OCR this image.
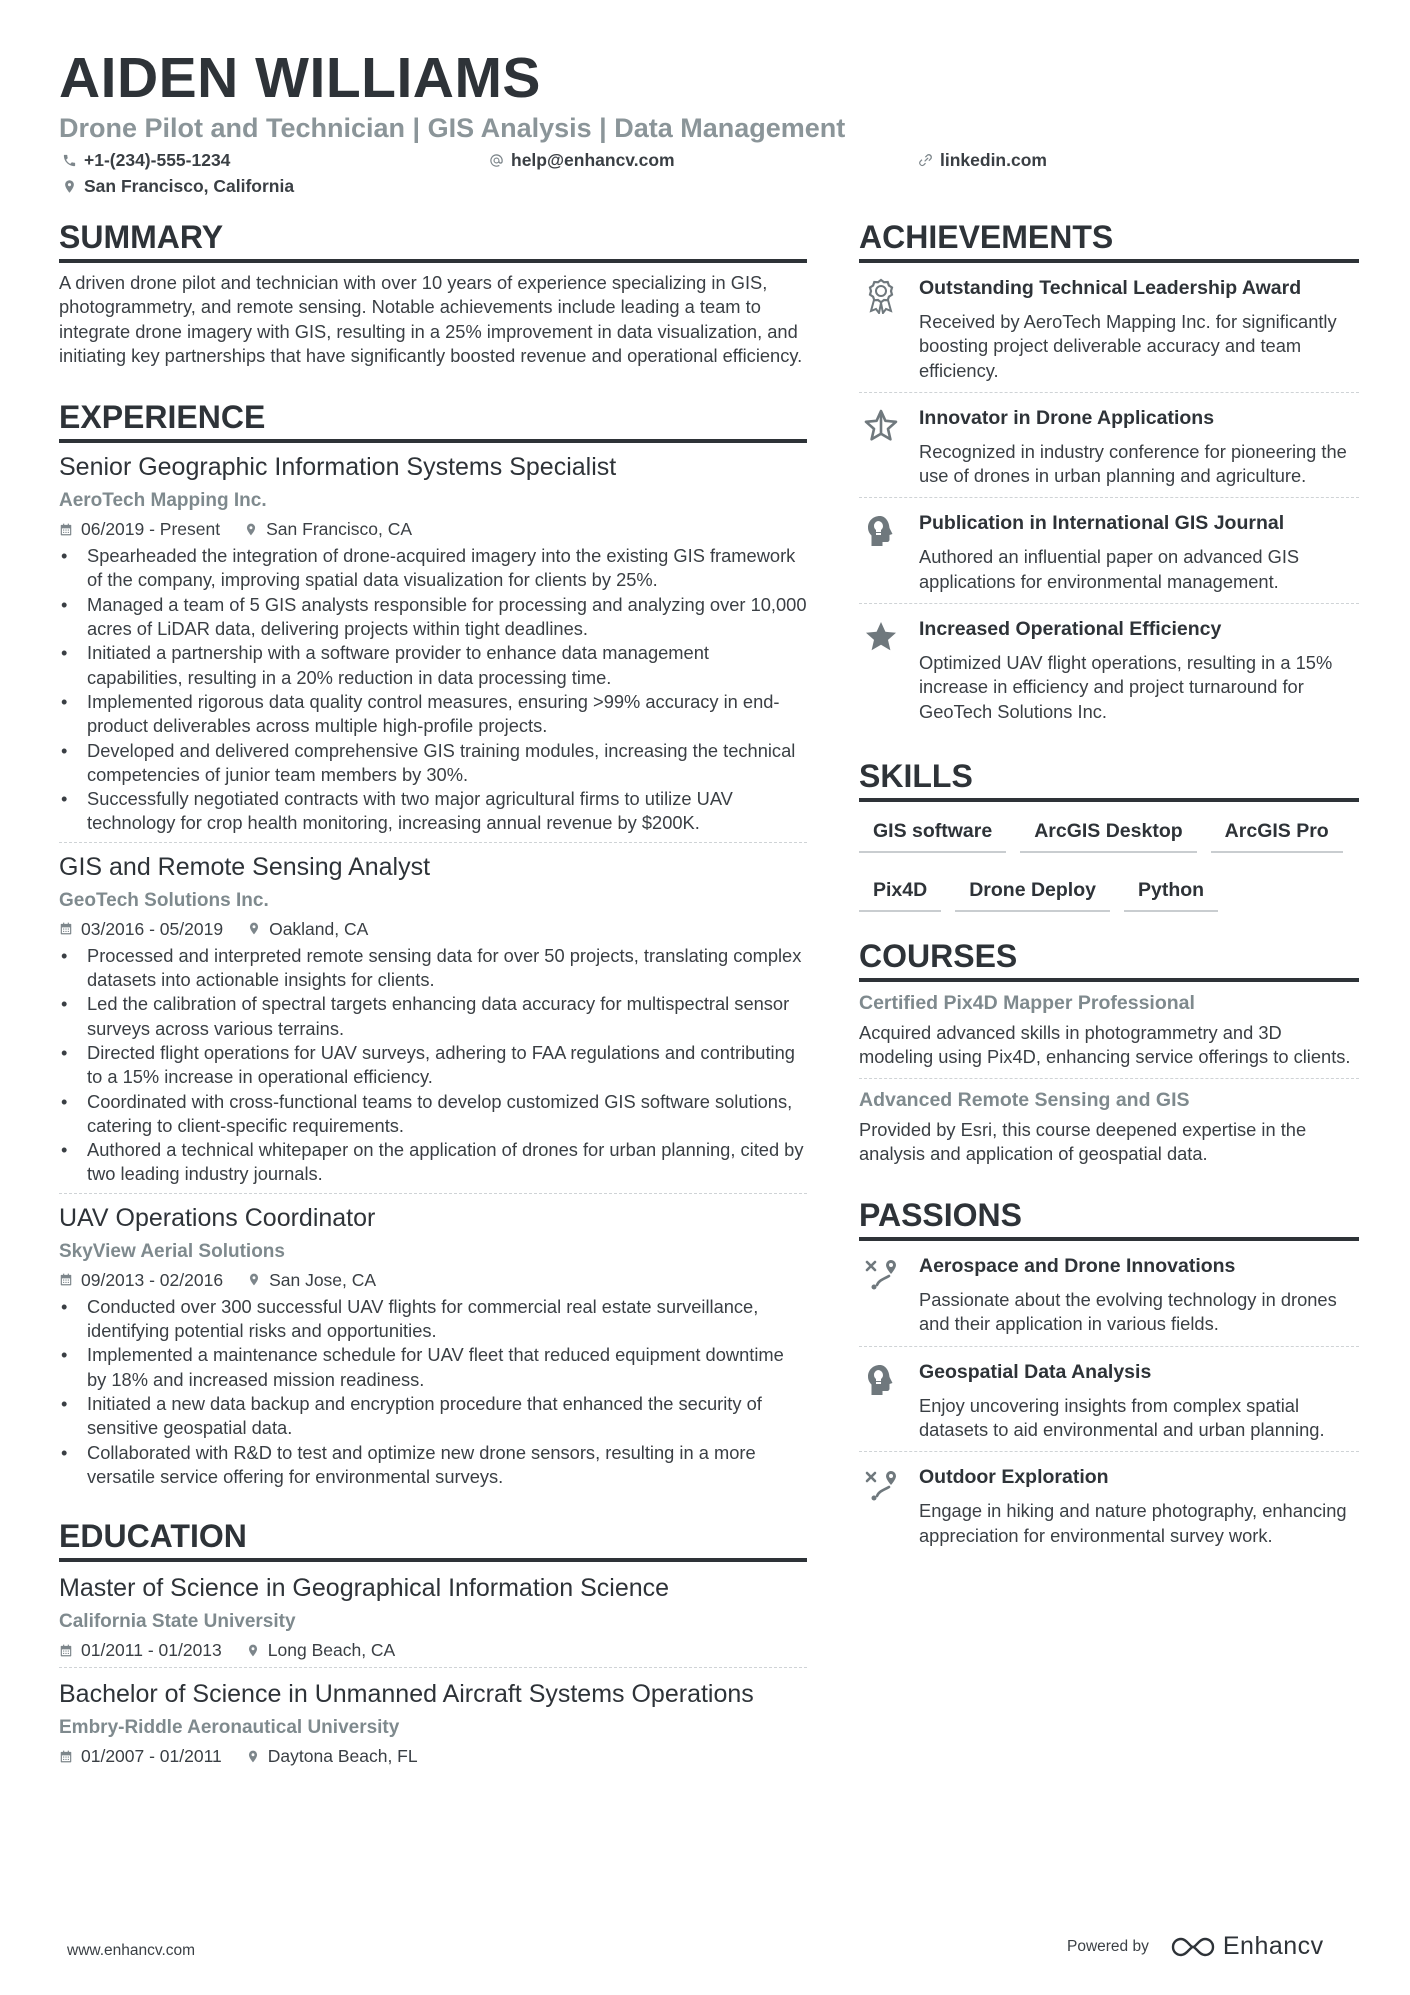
AIDEN WILLIAMS
Drone Pilot and Technician | GIS Analysis | Data Management
+1-(234)-555-1234	help@enhancv.com	linkedin.com
San Francisco, California
SUMMARY
A driven drone pilot and technician with over 10 years of experience specializing in GIS, photogrammetry, and remote sensing. Notable achievements include leading a team to integrate drone imagery with GIS, resulting in a 25% improvement in data visualization, and initiating key partnerships that have significantly boosted revenue and operational efficiency.
EXPERIENCE
Senior Geographic Information Systems Specialist
AeroTech Mapping Inc.
06/2019 - Present	San Francisco, CA
• Spearheaded the integration of drone-acquired imagery into the existing GIS framework of the company, improving spatial data visualization for clients by 25%.
• Managed a team of 5 GIS analysts responsible for processing and analyzing over 10,000 acres of LiDAR data, delivering projects within tight deadlines.
• Initiated a partnership with a software provider to enhance data management capabilities, resulting in a 20% reduction in data processing time.
• Implemented rigorous data quality control measures, ensuring >99% accuracy in end-product deliverables across multiple high-profile projects.
• Developed and delivered comprehensive GIS training modules, increasing the technical competencies of junior team members by 30%.
• Successfully negotiated contracts with two major agricultural firms to utilize UAV technology for crop health monitoring, increasing annual revenue by $200K.
GIS and Remote Sensing Analyst
GeoTech Solutions Inc.
03/2016 - 05/2019	Oakland, CA
• Processed and interpreted remote sensing data for over 50 projects, translating complex datasets into actionable insights for clients.
• Led the calibration of spectral targets enhancing data accuracy for multispectral sensor surveys across various terrains.
• Directed flight operations for UAV surveys, adhering to FAA regulations and contributing to a 15% increase in operational efficiency.
• Coordinated with cross-functional teams to develop customized GIS software solutions, catering to client-specific requirements.
• Authored a technical whitepaper on the application of drones for urban planning, cited by two leading industry journals.
UAV Operations Coordinator
SkyView Aerial Solutions
09/2013 - 02/2016	San Jose, CA
• Conducted over 300 successful UAV flights for commercial real estate surveillance, identifying potential risks and opportunities.
• Implemented a maintenance schedule for UAV fleet that reduced equipment downtime by 18% and increased mission readiness.
• Initiated a new data backup and encryption procedure that enhanced the security of sensitive geospatial data.
• Collaborated with R&D to test and optimize new drone sensors, resulting in a more versatile service offering for environmental surveys.
EDUCATION
Master of Science in Geographical Information Science
California State University
01/2011 - 01/2013	Long Beach, CA
Bachelor of Science in Unmanned Aircraft Systems Operations
Embry-Riddle Aeronautical University
01/2007 - 01/2011	Daytona Beach, FL
ACHIEVEMENTS
Outstanding Technical Leadership Award
Received by AeroTech Mapping Inc. for significantly boosting project deliverable accuracy and team efficiency.
Innovator in Drone Applications
Recognized in industry conference for pioneering the use of drones in urban planning and agriculture.
Publication in International GIS Journal
Authored an influential paper on advanced GIS applications for environmental management.
Increased Operational Efficiency
Optimized UAV flight operations, resulting in a 15% increase in efficiency and project turnaround for GeoTech Solutions Inc.
SKILLS
GIS software	ArcGIS Desktop	ArcGIS Pro
Pix4D	Drone Deploy	Python
COURSES
Certified Pix4D Mapper Professional
Acquired advanced skills in photogrammetry and 3D modeling using Pix4D, enhancing service offerings to clients.
Advanced Remote Sensing and GIS
Provided by Esri, this course deepened expertise in the analysis and application of geospatial data.
PASSIONS
Aerospace and Drone Innovations
Passionate about the evolving technology in drones and their application in various fields.
Geospatial Data Analysis
Enjoy uncovering insights from complex spatial datasets to aid environmental and urban planning.
Outdoor Exploration
Engage in hiking and nature photography, enhancing appreciation for environmental survey work.
www.enhancv.com	Powered by	Enhancv
